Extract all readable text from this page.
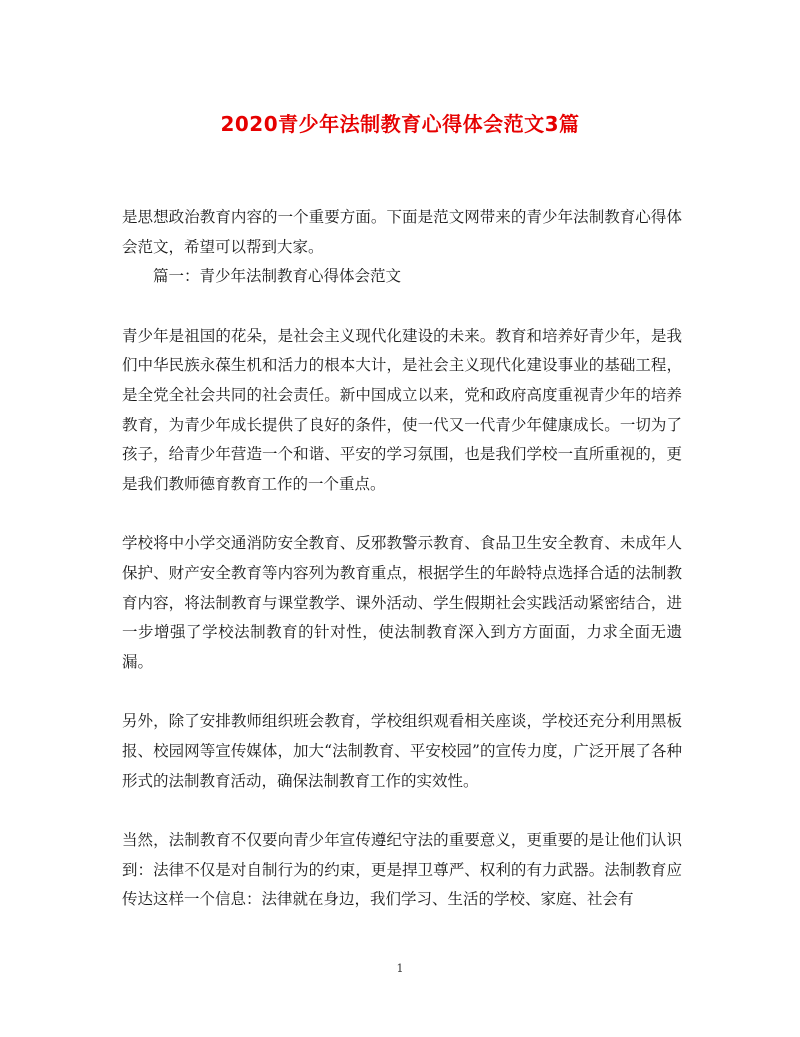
2020青少年法制教育心得体会范文3篇

是思想政治教育内容的一个重要方面。下面是范文网带来的青少年法制教育心得体会范文，希望可以帮到大家。

篇一：青少年法制教育心得体会范文

青少年是祖国的花朵，是社会主义现代化建设的未来。教育和培养好青少年，是我们中华民族永葆生机和活力的根本大计，是社会主义现代化建设事业的基础工程，是全党全社会共同的社会责任。新中国成立以来，党和政府高度重视青少年的培养教育，为青少年成长提供了良好的条件，使一代又一代青少年健康成长。一切为了孩子，给青少年营造一个和谐、平安的学习氛围，也是我们学校一直所重视的，更是我们教师德育教育工作的一个重点。

学校将中小学交通消防安全教育、反邪教警示教育、食品卫生安全教育、未成年人保护、财产安全教育等内容列为教育重点，根据学生的年龄特点选择合适的法制教育内容，将法制教育与课堂教学、课外活动、学生假期社会实践活动紧密结合，进一步增强了学校法制教育的针对性，使法制教育深入到方方面面，力求全面无遗漏。

另外，除了安排教师组织班会教育，学校组织观看相关座谈，学校还充分利用黑板报、校园网等宣传媒体，加大“法制教育、平安校园”的宣传力度，广泛开展了各种形式的法制教育活动，确保法制教育工作的实效性。

当然，法制教育不仅要向青少年宣传遵纪守法的重要意义，更重要的是让他们认识到：法律不仅是对自制行为的约束，更是捍卫尊严、权利的有力武器。法制教育应传达这样一个信息：法律就在身边，我们学习、生活的学校、家庭、社会有

1
